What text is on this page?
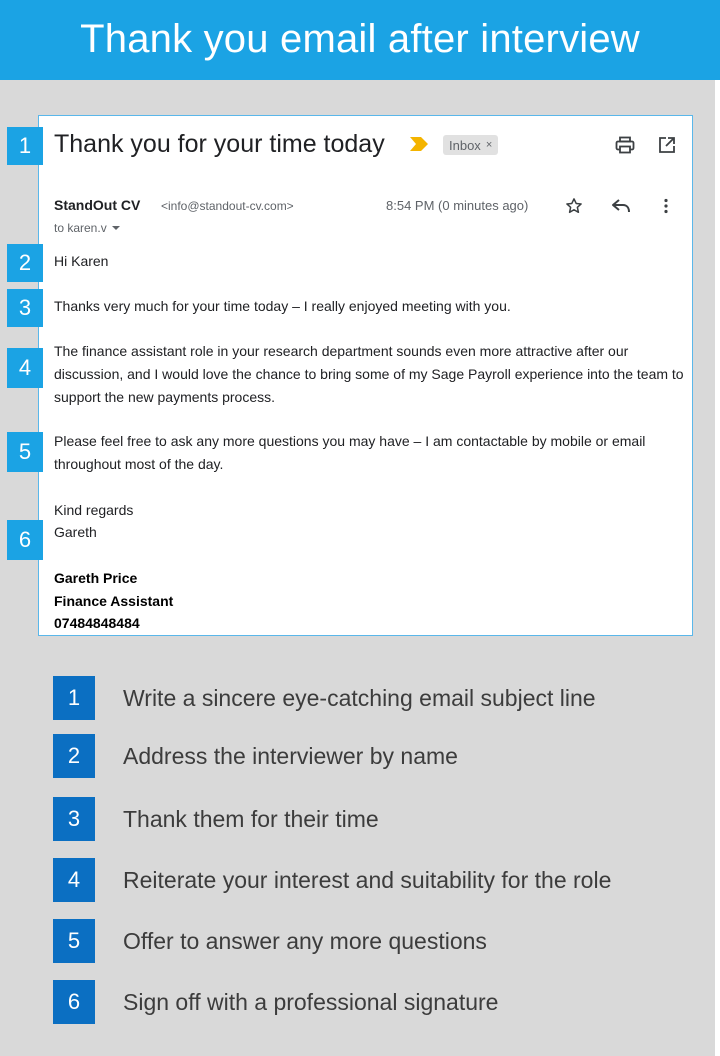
Thank you email after interview
Thank you for your time today	Inbox ×
StandOut CV <info@standout-cv.com>	8:54 PM (0 minutes ago)
to karen.v
1
2
3
4
5
6
Hi Karen
Thanks very much for your time today – I really enjoyed meeting with you.
The finance assistant role in your research department sounds even more attractive after our discussion, and I would love the chance to bring some of my Sage Payroll experience into the team to support the new payments process.
Please feel free to ask any more questions you may have – I am contactable by mobile or email throughout most of the day.
Kind regards
Gareth
Gareth Price
Finance Assistant
07484848484
1	Write a sincere eye-catching email subject line
2	Address the interviewer by name
3	Thank them for their time
4	Reiterate your interest and suitability for the role
5	Offer to answer any more questions
6	Sign off with a professional signature
